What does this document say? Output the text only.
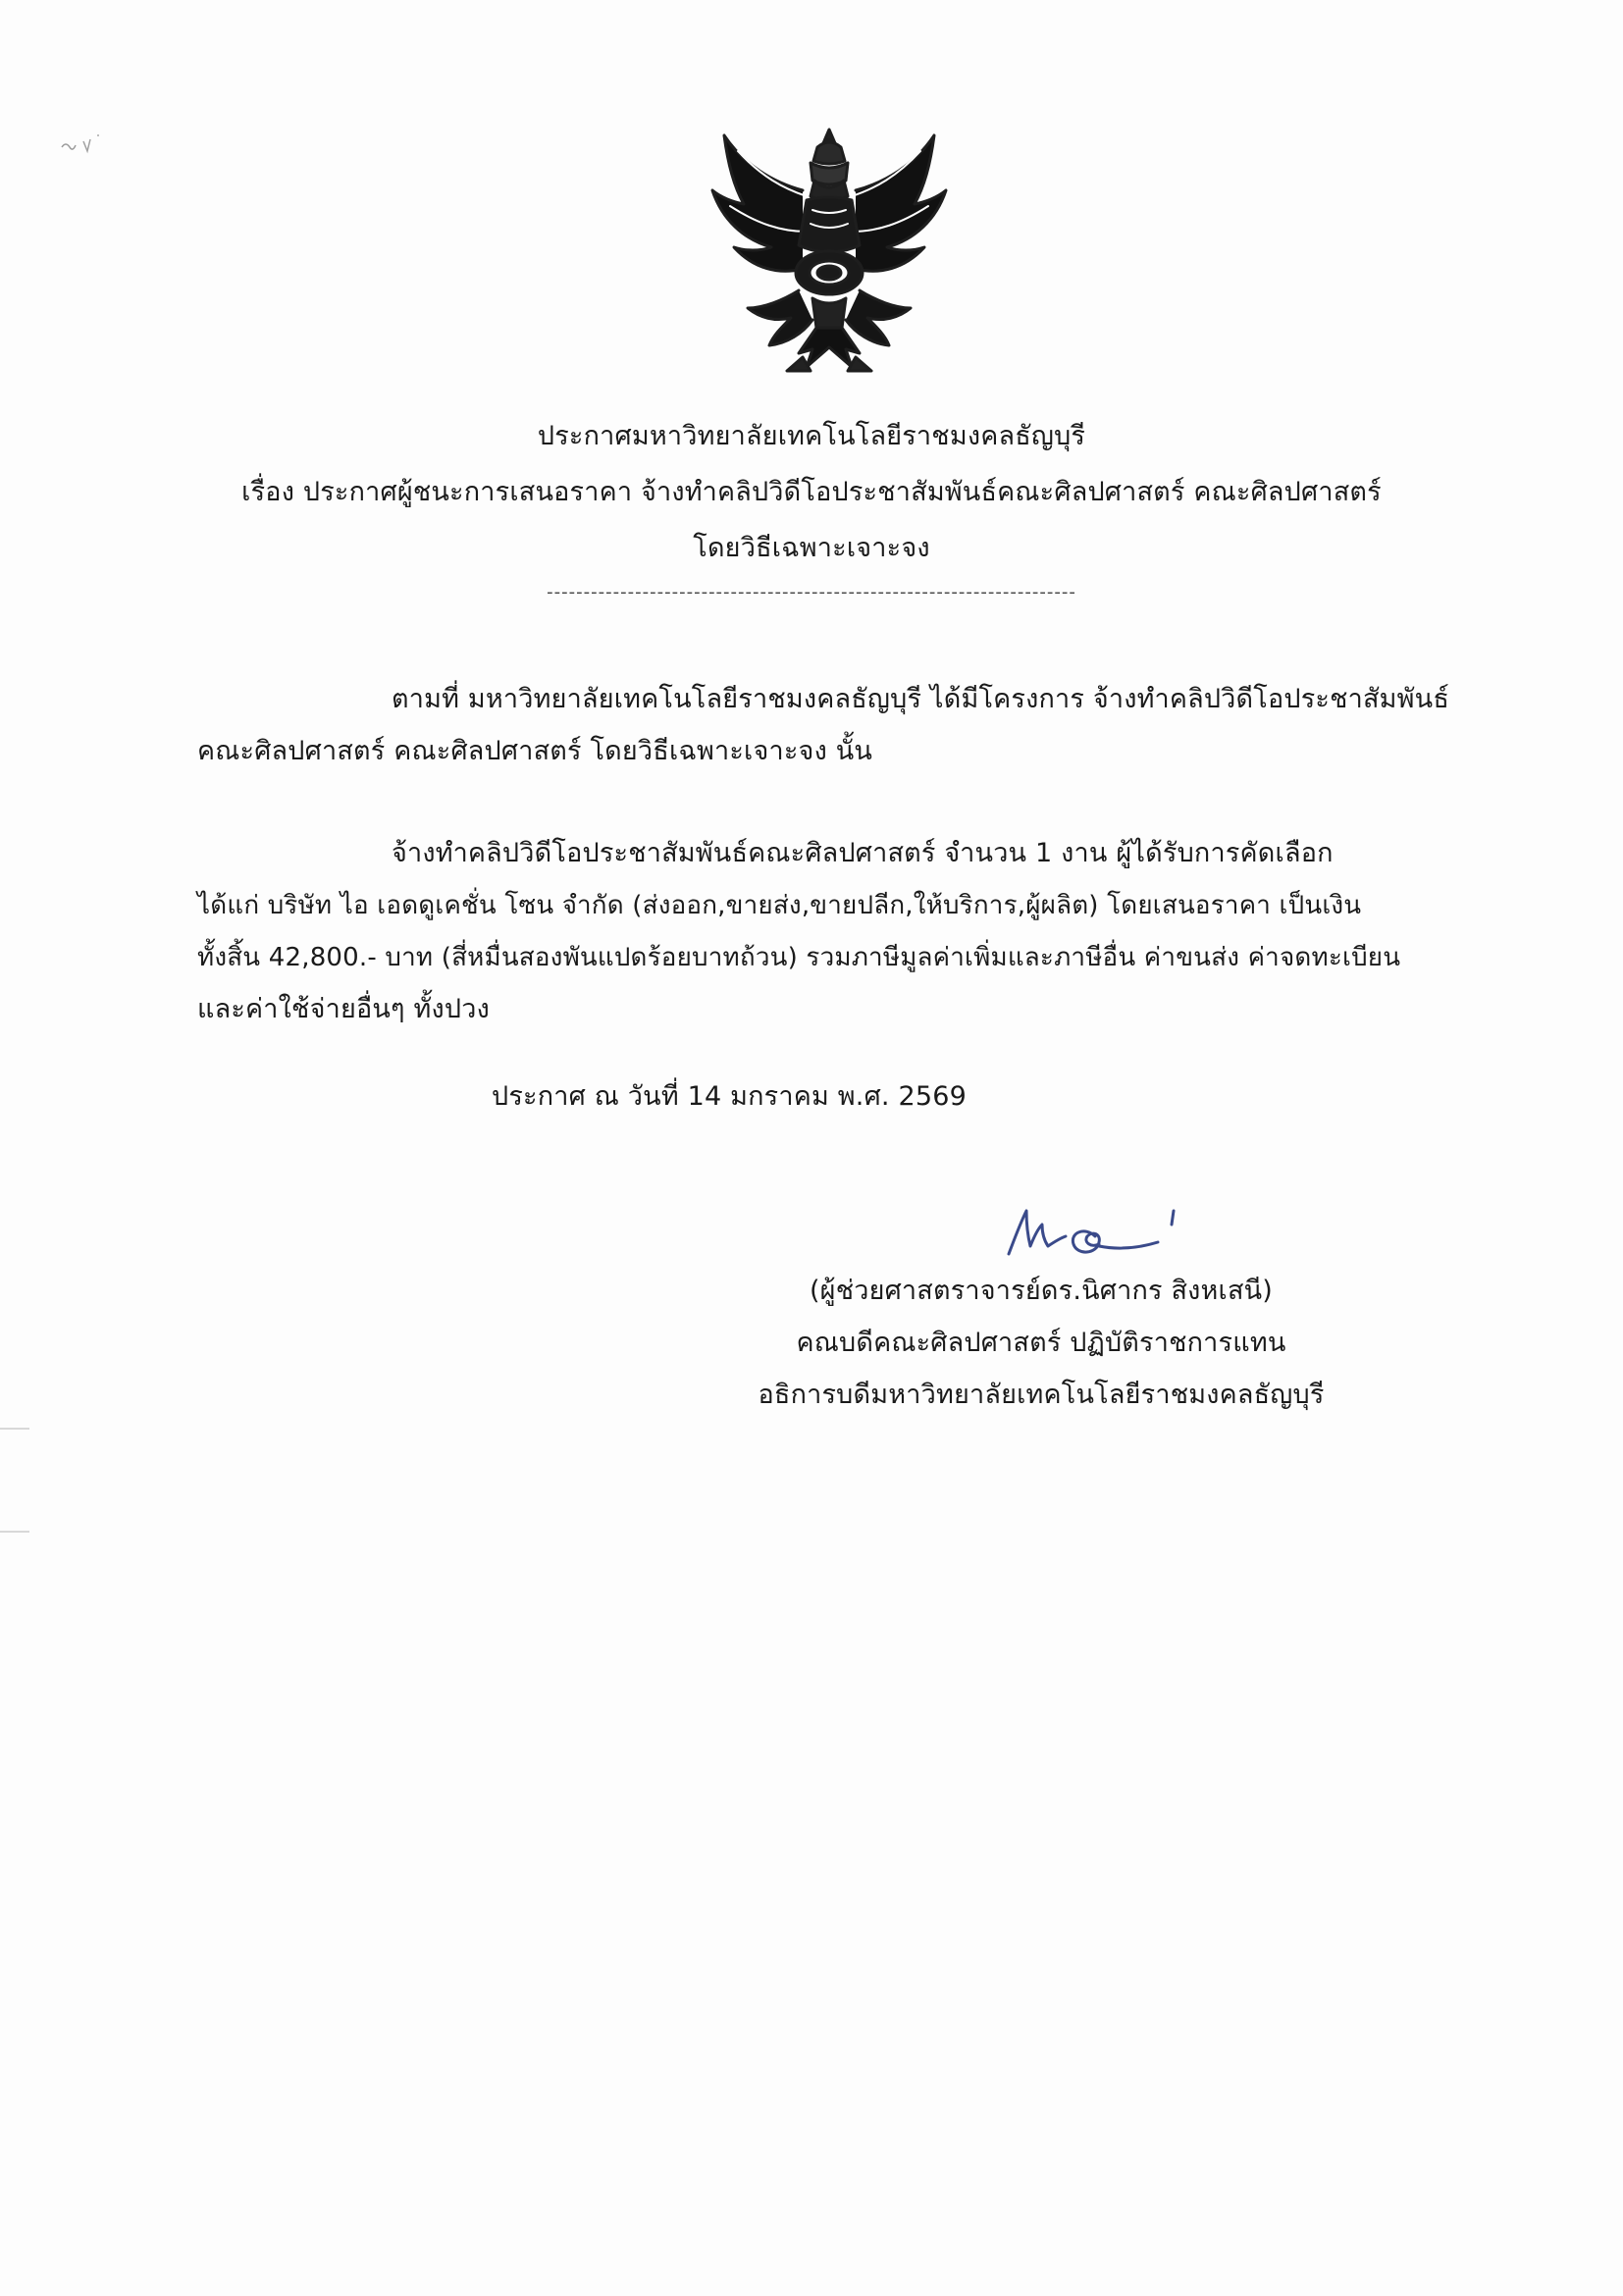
ประกาศมหาวิทยาลัยเทคโนโลยีราชมงคลธัญบุรี
เรื่อง ประกาศผู้ชนะการเสนอราคา จ้างทำคลิปวิดีโอประชาสัมพันธ์คณะศิลปศาสตร์ คณะศิลปศาสตร์
โดยวิธีเฉพาะเจาะจง
------------------------------------------------------------------------
ตามที่ มหาวิทยาลัยเทคโนโลยีราชมงคลธัญบุรี ได้มีโครงการ จ้างทำคลิปวิดีโอประชาสัมพันธ์
คณะศิลปศาสตร์ คณะศิลปศาสตร์ โดยวิธีเฉพาะเจาะจง นั้น
จ้างทำคลิปวิดีโอประชาสัมพันธ์คณะศิลปศาสตร์ จำนวน 1 งาน ผู้ได้รับการคัดเลือก
ได้แก่ บริษัท ไอ เอดดูเคชั่น โซน จำกัด (ส่งออก,ขายส่ง,ขายปลีก,ให้บริการ,ผู้ผลิต) โดยเสนอราคา เป็นเงิน
ทั้งสิ้น 42,800.- บาท (สี่หมื่นสองพันแปดร้อยบาทถ้วน) รวมภาษีมูลค่าเพิ่มและภาษีอื่น ค่าขนส่ง ค่าจดทะเบียน
และค่าใช้จ่ายอื่นๆ ทั้งปวง
ประกาศ ณ วันที่ 14 มกราคม พ.ศ. 2569
(ผู้ช่วยศาสตราจารย์ดร.นิศากร สิงหเสนี)
คณบดีคณะศิลปศาสตร์ ปฏิบัติราชการแทน
อธิการบดีมหาวิทยาลัยเทคโนโลยีราชมงคลธัญบุรี
